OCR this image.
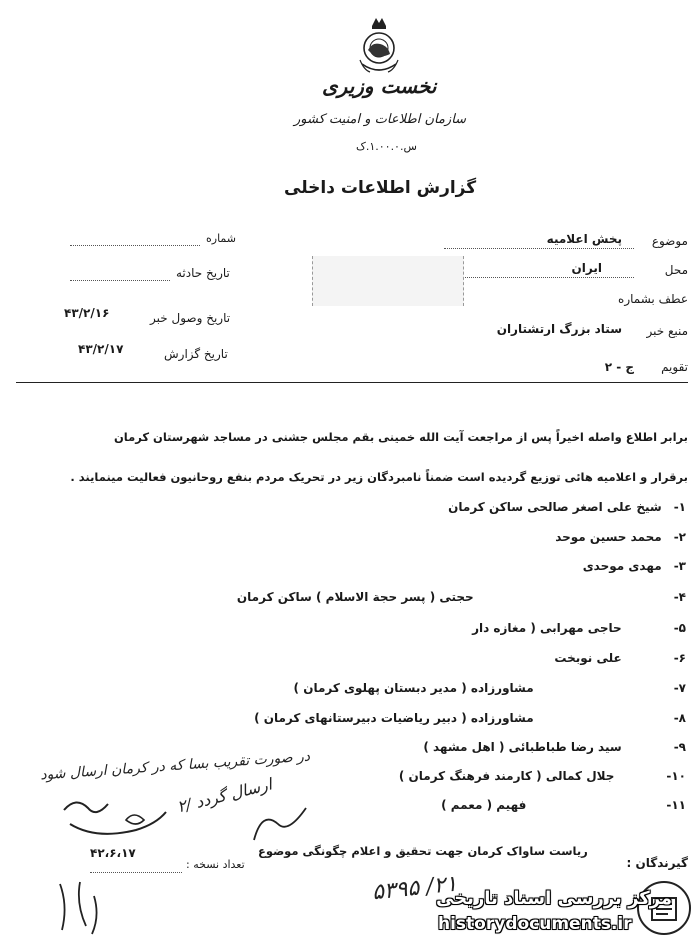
نخست وزیری
سازمان اطلاعات و امنیت کشور
س.۱.۰۰.۰.ک
گزارش اطلاعات داخلی
موضوع
پخش اعلامیه
محل
ایران
عطف بشماره
منبع خبر
ستاد بزرگ ارتشتاران
تقویم
ج - ۲
شماره
تاریخ حادثه
تاریخ وصول خبر
۴۳/۲/۱۶
تاریخ گزارش
۴۳/۲/۱۷
برابر اطلاع واصله اخیراً پس از مراجعت آیت الله خمینی بقم مجلس جشنی در مساجد شهرستان کرمان
برقرار و اعلامیه هائی توزیع گردیده است ضمناً نامبردگان زیر در تحریک مردم بنفع روحانیون فعالیت مینمایند .
۱-شیخ علی اصغر صالحی ساکن کرمان
۲-محمد حسین موحد
۳-مهدی موحدی
۴-حجتی ( پسر حجة الاسلام ) ساکن کرمان
۵-حاجی مهرابی ( مغازه دار
۶-علی نوبخت
۷-مشاورزاده ( مدیر دبستان پهلوی کرمان )
۸-مشاورزاده ( دبیر ریاضیات دبیرستانهای کرمان )
۹-سید رضا طباطبائی ( اهل مشهد )
۱۰-جلال کمالی ( کارمند فرهنگ کرمان )
۱۱-فهیم ( معمم )
در صورت تقریب بسا که در کرمان ارسال شود
۲/ ارسال گردد
۴۲،۶،۱۷
تعداد نسخه :	گیرندگان :
ریاست ساواک کرمان جهت تحقیق و اعلام چگونگی موضوع
۵۳۹۵ /۲۱
مرکز بررسی اسناد تاریخی
historydocuments.ir
